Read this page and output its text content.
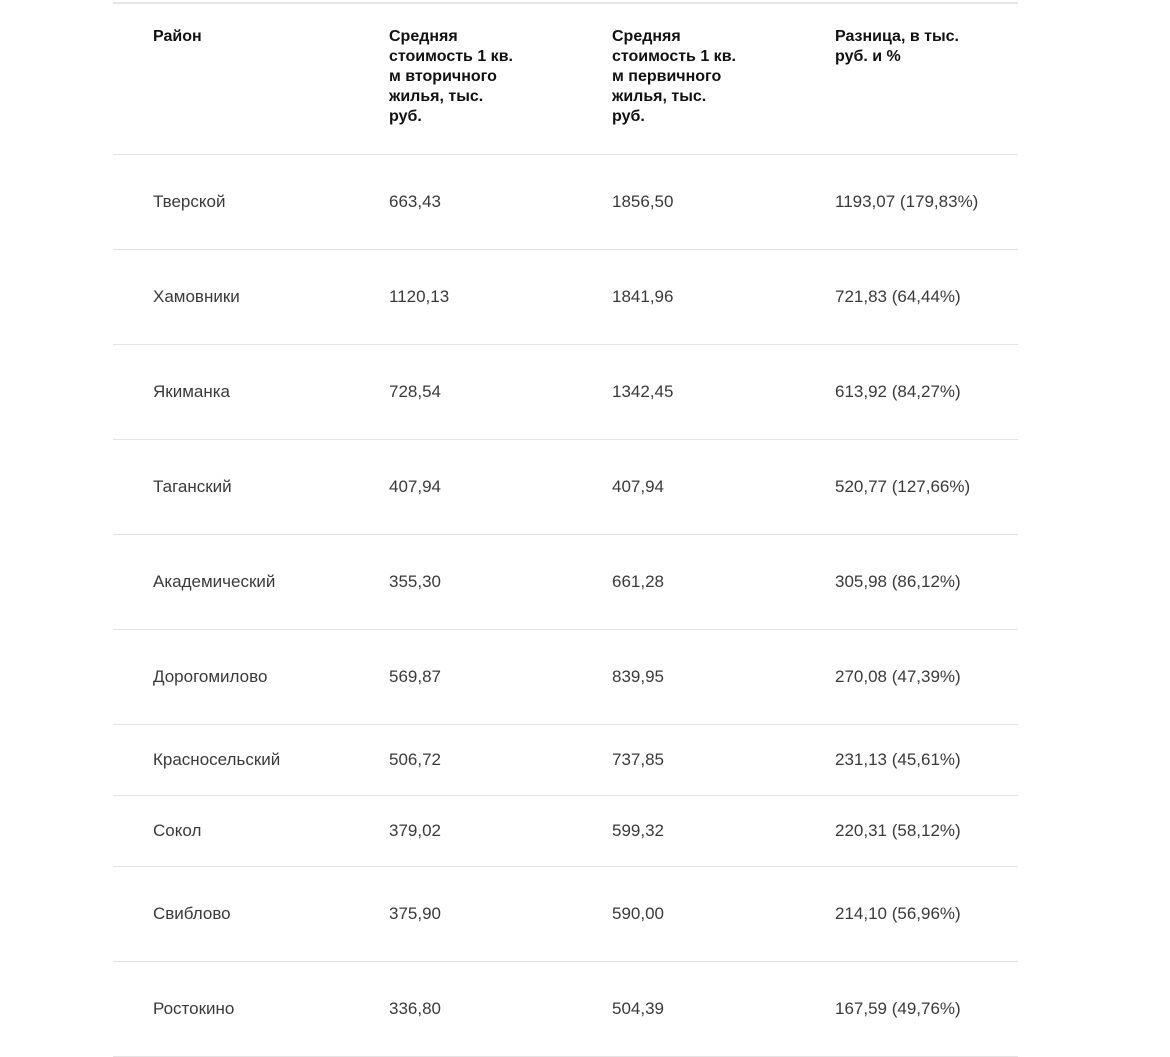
Район	Средняя стоимость 1 кв. м вторичного жилья, тыс. руб.	Средняя стоимость 1 кв. м первичного жилья, тыс. руб.	Разница, в тыс. руб. и %

Тверской	663,43	1856,50	1193,07 (179,83%)

Хамовники	1120,13	1841,96	721,83 (64,44%)

Якиманка	728,54	1342,45	613,92 (84,27%)

Таганский	407,94	407,94	520,77 (127,66%)

Академический	355,30	661,28	305,98 (86,12%)

Дорогомилово	569,87	839,95	270,08 (47,39%)

Красносельский	506,72	737,85	231,13 (45,61%)

Сокол	379,02	599,32	220,31 (58,12%)

Свиблово	375,90	590,00	214,10 (56,96%)

Ростокино	336,80	504,39	167,59 (49,76%)
